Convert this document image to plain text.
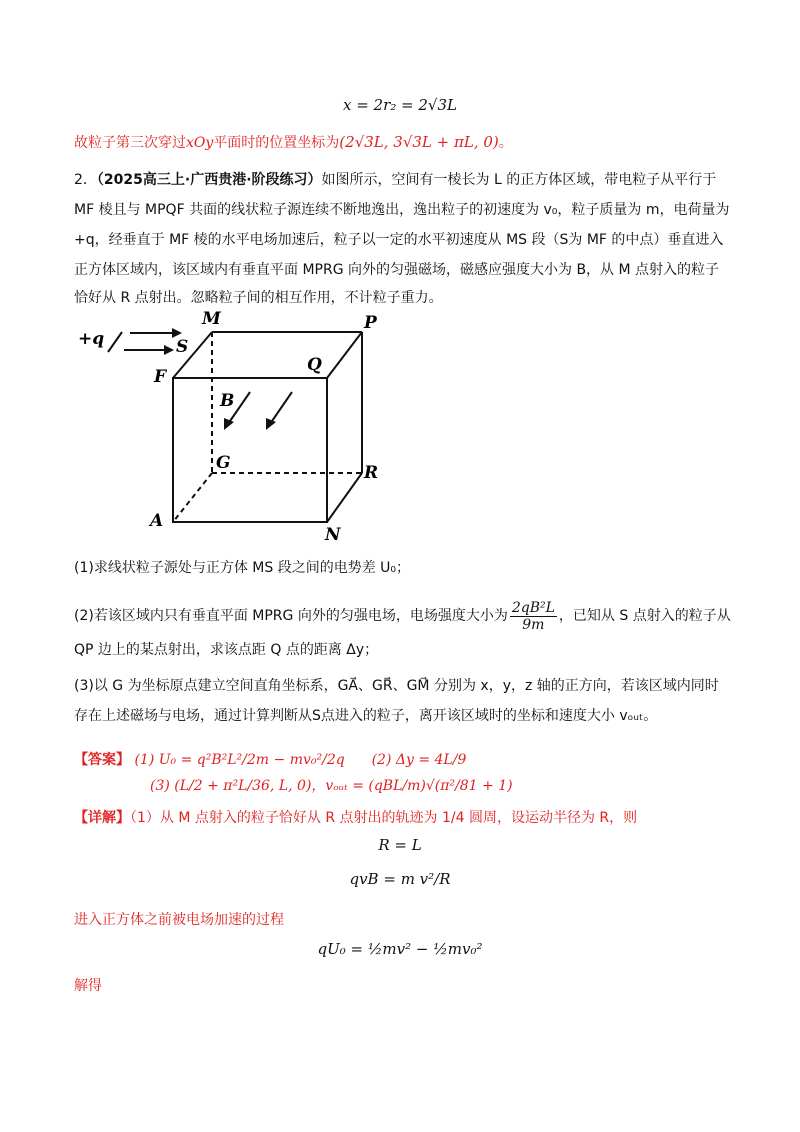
x = 2r₂ = 2√3L
故粒子第三次穿过xOy平面时的位置坐标为(2√3L, 3√3L + πL, 0)。
2．（2025高三上·广西贵港·阶段练习）如图所示，空间有一棱长为 L 的正方体区域，带电粒子从平行于
MF 棱且与 MPQF 共面的线状粒子源连续不断地逸出，逸出粒子的初速度为 v₀，粒子质量为 m，电荷量为
+q，经垂直于 MF 棱的水平电场加速后，粒子以一定的水平初速度从 MS 段（S为 MF 的中点）垂直进入
正方体区域内，该区域内有垂直平面 MPRG 向外的匀强磁场，磁感应强度大小为 B，从 M 点射入的粒子
恰好从 R 点射出。忽略粒子间的相互作用，不计粒子重力。
+q
M	P
S
F
Q
B
G	R
A
N
(1)求线状粒子源处与正方体 MS 段之间的电势差 U₀；
(2)若该区域内只有垂直平面 MPRG 向外的匀强电场，电场强度大小为 $\frac{\text{2qB²L}}{9m}$ ，已知从 S 点射入的粒子从
QP 边上的某点射出，求该点距 Q 点的距离 Δy；
(3)以 G 为坐标原点建立空间直角坐标系，GA⃗、GR⃗、GM⃗ 分别为 x，y，z 轴的正方向，若该区域内同时
存在上述磁场与电场，通过计算判断从S点进入的粒子，离开该区域时的坐标和速度大小 vₒᵤₜ。
【答案】 (1) U₀ = q²B²L²/2m − mv₀²/2q (2) Δy = 4L/9
(3) (L/2 + π²L/36, L, 0)，vₒᵤₜ = (qBL/m)√(π²/81 + 1)
【详解】（1）从 M 点射入的粒子恰好从 R 点射出的轨迹为 1/4 圆周，设运动半径为 R，则
R = L
qvB = m v²/R
进入正方体之前被电场加速的过程
qU₀ = ½mv² − ½mv₀²
解得
